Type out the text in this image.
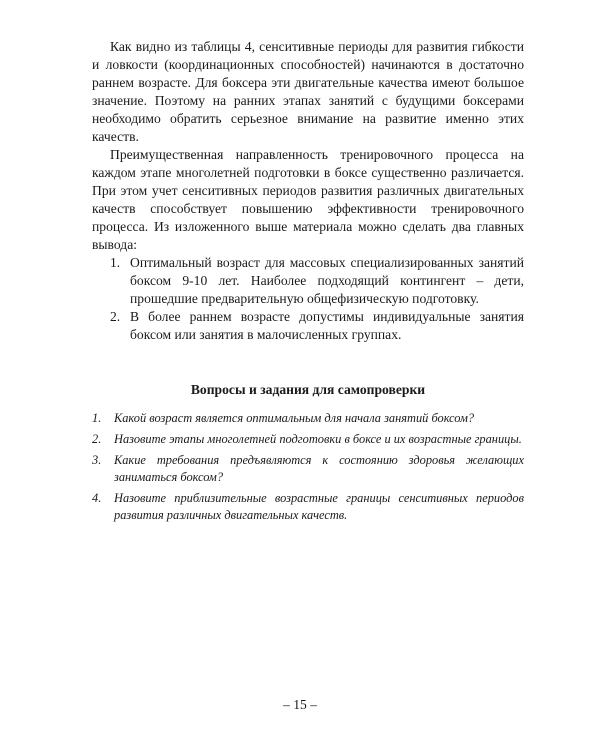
Как видно из таблицы 4, сенситивные периоды для развития гибкости и ловкости (координационных способностей) начинаются в достаточно раннем возрасте. Для боксера эти двигательные качества имеют большое значение. Поэтому на ранних этапах занятий с будущими боксерами необходимо обратить серьезное внимание на развитие именно этих качеств.

Преимущественная направленность тренировочного процесса на каждом этапе многолетней подготовки в боксе существенно различается. При этом учет сенситивных периодов развития различных двигательных качеств способствует повышению эффективности тренировочного процесса. Из изложенного выше материала можно сделать два главных вывода:

1. Оптимальный возраст для массовых специализированных занятий боксом 9-10 лет. Наиболее подходящий контингент – дети, прошедшие предварительную общефизическую подготовку.
2. В более раннем возрасте допустимы индивидуальные занятия боксом или занятия в малочисленных группах.
Вопросы и задания для самопроверки
1. Какой возраст является оптимальным для начала занятий боксом?
2. Назовите этапы многолетней подготовки в боксе и их возрастные границы.
3. Какие требования предъявляются к состоянию здоровья желающих заниматься боксом?
4. Назовите приблизительные возрастные границы сенситивных периодов развития различных двигательных качеств.
– 15 –
